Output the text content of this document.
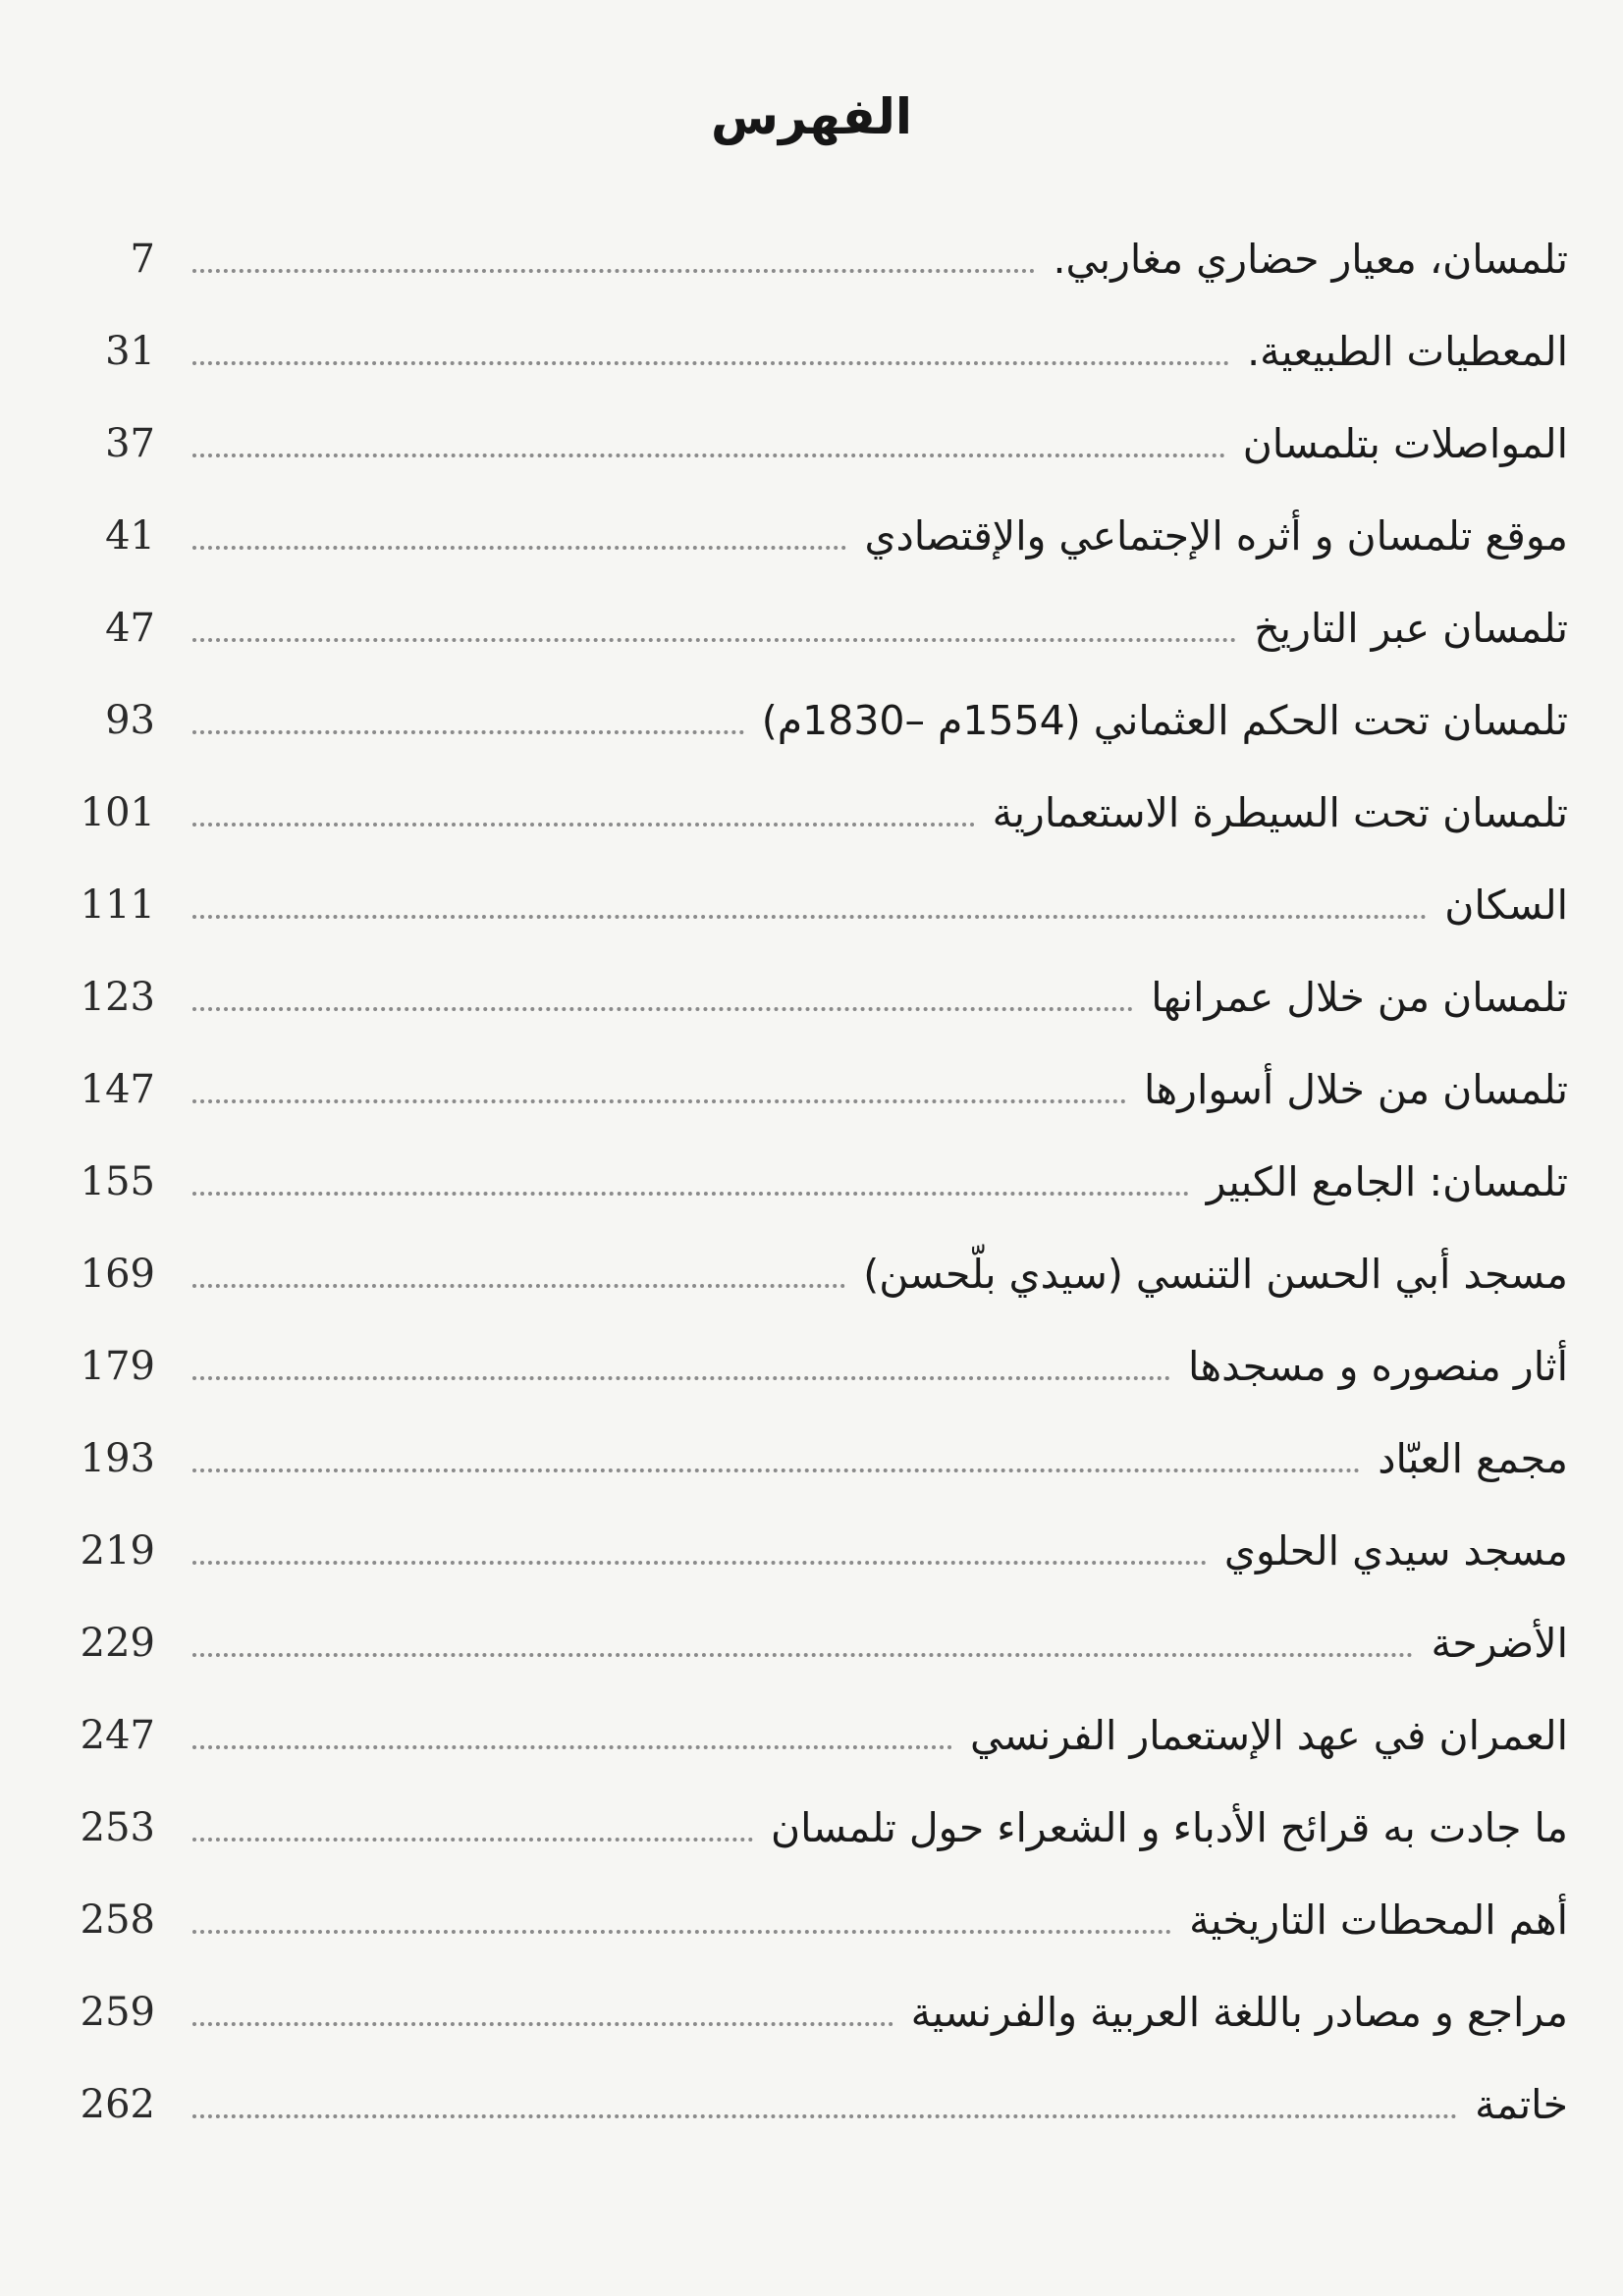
الفهرس
7	تلمسان، معيار حضاري مغاربي.
31	المعطيات الطبيعية.
37	المواصلات بتلمسان
41	موقع تلمسان و أثره الإجتماعي والإقتصادي
47	تلمسان عبر التاريخ
93	تلمسان تحت الحكم العثماني (1554م –1830م)
101	تلمسان تحت السيطرة الاستعمارية
111	السكان
123	تلمسان من خلال عمرانها
147	تلمسان من خلال أسوارها
155	تلمسان: الجامع الكبير
169	مسجد أبي الحسن التنسي (سيدي بلّحسن)
179	أثار منصوره و مسجدها
193	مجمع العبّاد
219	مسجد سيدي الحلوي
229	الأضرحة
247	العمران في عهد الإستعمار الفرنسي
253	ما جادت به قرائح الأدباء و الشعراء حول تلمسان
258	أهم المحطات التاريخية
259	مراجع و مصادر باللغة العربية والفرنسية
262	خاتمة
